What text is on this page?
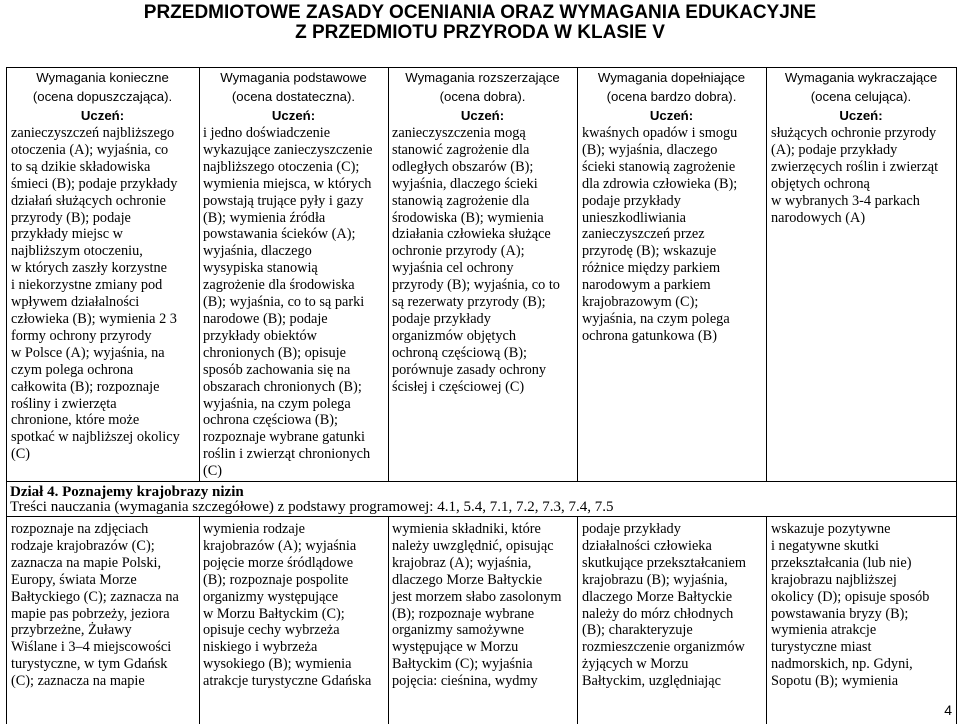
PRZEDMIOTOWE ZASADY OCENIANIA ORAZ WYMAGANIA EDUKACYJNE
Z PRZEDMIOTU PRZYRODA W KLASIE V
Wymagania konieczne
(ocena dopuszczająca).
Uczeń:
Wymagania podstawowe
(ocena dostateczna).
Uczeń:
Wymagania rozszerzające
(ocena dobra).
Uczeń:
Wymagania dopełniające
(ocena bardzo dobra).
Uczeń:
Wymagania wykraczające
(ocena celująca).
Uczeń:
zanieczyszczeń najbliższego
otoczenia (A); wyjaśnia, co
to są dzikie składowiska
śmieci (B); podaje przykłady
działań służących ochronie
przyrody (B); podaje
przykłady miejsc w
najbliższym otoczeniu,
w których zaszły korzystne
i niekorzystne zmiany pod
wpływem działalności
człowieka (B); wymienia 2 3
formy ochrony przyrody
w Polsce (A); wyjaśnia, na
czym polega ochrona
całkowita (B); rozpoznaje
rośliny i zwierzęta
chronione, które może
spotkać w najbliższej okolicy
(C)
i jedno doświadczenie
wykazujące zanieczyszczenie
najbliższego otoczenia (C);
wymienia miejsca, w których
powstają trujące pyły i gazy
(B); wymienia źródła
powstawania ścieków (A);
wyjaśnia, dlaczego
wysypiska stanowią
zagrożenie dla środowiska
(B); wyjaśnia, co to są parki
narodowe (B); podaje
przykłady obiektów
chronionych (B); opisuje
sposób zachowania się na
obszarach chronionych (B);
wyjaśnia, na czym polega
ochrona częściowa (B);
rozpoznaje wybrane gatunki
roślin i zwierząt chronionych
(C)
zanieczyszczenia mogą
stanowić zagrożenie dla
odległych obszarów (B);
wyjaśnia, dlaczego ścieki
stanowią zagrożenie dla
środowiska (B); wymienia
działania człowieka służące
ochronie przyrody (A);
wyjaśnia cel ochrony
przyrody (B); wyjaśnia, co to
są rezerwaty przyrody (B);
podaje przykłady
organizmów objętych
ochroną częściową (B);
porównuje zasady ochrony
ścisłej i częściowej (C)
kwaśnych opadów i smogu
(B); wyjaśnia, dlaczego
ścieki stanowią zagrożenie
dla zdrowia człowieka (B);
podaje przykłady
unieszkodliwiania
zanieczyszczeń przez
przyrodę (B); wskazuje
różnice między parkiem
narodowym a parkiem
krajobrazowym (C);
wyjaśnia, na czym polega
ochrona gatunkowa (B)
służących ochronie przyrody
(A); podaje przykłady
zwierzęcych roślin i zwierząt
objętych ochroną
w wybranych 3-4 parkach
narodowych (A)
Dział 4. Poznajemy krajobrazy nizin
Treści nauczania (wymagania szczegółowe) z podstawy programowej: 4.1, 5.4, 7.1, 7.2, 7.3, 7.4, 7.5
rozpoznaje na zdjęciach
rodzaje krajobrazów (C);
zaznacza na mapie Polski,
Europy, świata Morze
Bałtyckiego (C); zaznacza na
mapie pas pobrzeży, jeziora
przybrzeżne, Żuławy
Wiślane i 3–4 miejscowości
turystyczne, w tym Gdańsk
(C); zaznacza na mapie
wymienia rodzaje
krajobrazów (A); wyjaśnia
pojęcie morze śródlądowe
(B); rozpoznaje pospolite
organizmy występujące
w Morzu Bałtyckim (C);
opisuje cechy wybrzeża
niskiego i wybrzeża
wysokiego (B); wymienia
atrakcje turystyczne Gdańska
wymienia składniki, które
należy uwzględnić, opisując
krajobraz (A); wyjaśnia,
dlaczego Morze Bałtyckie
jest morzem słabo zasolonym
(B); rozpoznaje wybrane
organizmy samożywne
występujące w Morzu
Bałtyckim (C); wyjaśnia
pojęcia: cieśnina, wydmy
podaje przykłady
działalności człowieka
skutkujące przekształcaniem
krajobrazu (B); wyjaśnia,
dlaczego Morze Bałtyckie
należy do mórz chłodnych
(B); charakteryzuje
rozmieszczenie organizmów
żyjących w Morzu
Bałtyckim, uzględniając
wskazuje pozytywne
i negatywne skutki
przekształcania (lub nie)
krajobrazu najbliższej
okolicy (D); opisuje sposób
powstawania bryzy (B);
wymienia atrakcje
turystyczne miast
nadmorskich, np. Gdyni,
Sopotu (B); wymienia
4
